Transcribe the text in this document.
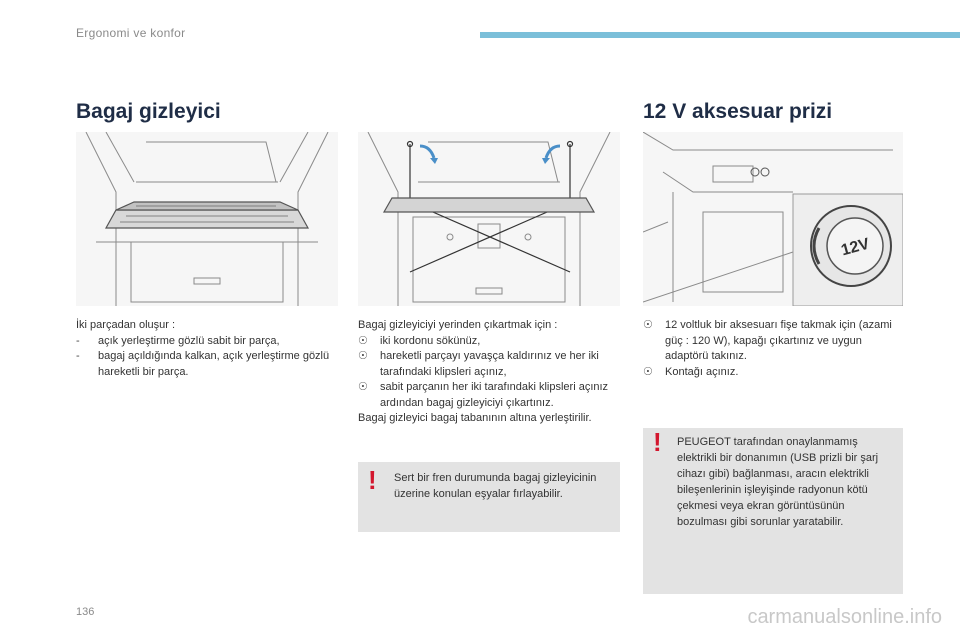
Ergonomi ve konfor
Bagaj gizleyici

İki parçadan oluşur :

-	açık yerleştirme gözlü sabit bir parça,
-	bagaj açıldığında kalkan, açık yerleştirme gözlü hareketli bir parça.

Bagaj gizleyiciyi yerinden çıkartmak için :

☉	iki kordonu sökünüz,
☉	hareketli parçayı yavaşça kaldırınız ve her iki tarafındaki klipsleri açınız,
☉	sabit parçanın her iki tarafındaki klipsleri açınız ardından bagaj gizleyiciyi çıkartınız.

Bagaj gizleyici bagaj tabanının altına yerleştirilir.

! Sert bir fren durumunda bagaj gizleyicinin üzerine konulan eşyalar fırlayabilir.
12 V aksesuar prizi
12V
☉	12 voltluk bir aksesuarı fişe takmak için (azami güç : 120 W), kapağı çıkartınız ve uygun adaptörü takınız.
☉	Kontağı açınız.
! PEUGEOT tarafından onaylanmamış elektrikli bir donanımın (USB prizli bir şarj cihazı gibi) bağlanması, aracın elektrikli bileşenlerinin işleyişinde radyonun kötü çekmesi veya ekran görüntüsünün bozulması gibi sorunlar yaratabilir.
136	carmanualsonline.info
